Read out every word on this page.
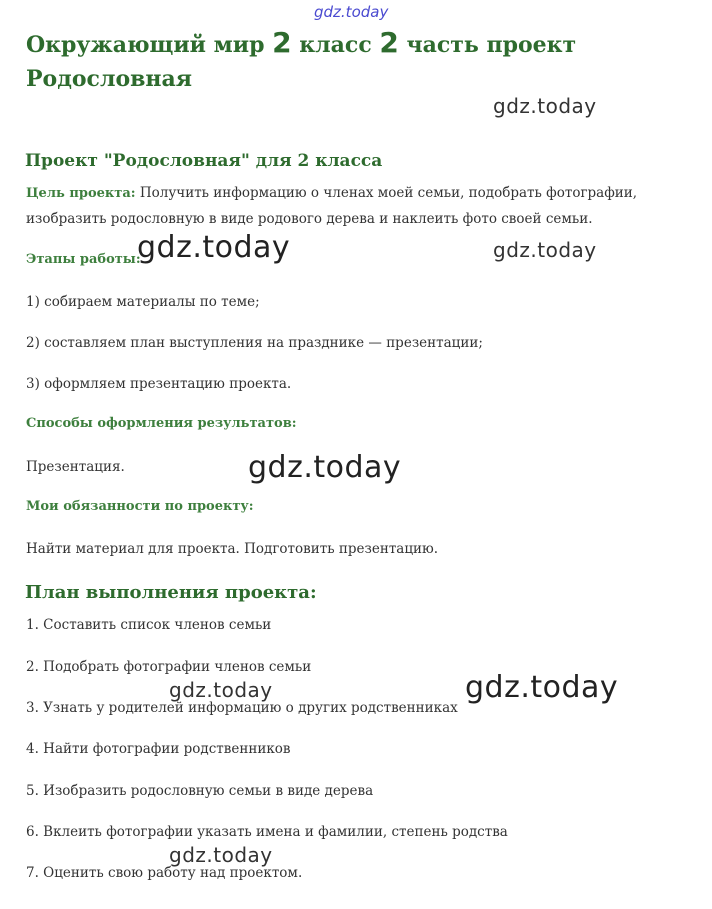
gdz.today
gdz.today
gdz.today	gdz.today
gdz.today
gdz.today	gdz.today
gdz.today
Окружающий мир 2 класс 2 часть проект
Родословная
Проект "Родословная" для 2 класса
Цель проекта: Получить информацию о членах моей семьи, подобрать фотографии,
изобразить родословную в виде родового дерева и наклеить фото своей семьи.
Этапы работы:
1) собираем материалы по теме;
2) составляем план выступления на празднике — презентации;
3) оформляем презентацию проекта.
Способы оформления результатов:
Презентация.
Мои обязанности по проекту:
Найти материал для проекта. Подготовить презентацию.
План выполнения проекта:
1. Составить список членов семьи
2. Подобрать фотографии членов семьи
3. Узнать у родителей информацию о других родственниках
4. Найти фотографии родственников
5. Изобразить родословную семьи в виде дерева
6. Вклеить фотографии указать имена и фамилии, степень родства
7. Оценить свою работу над проектом.
